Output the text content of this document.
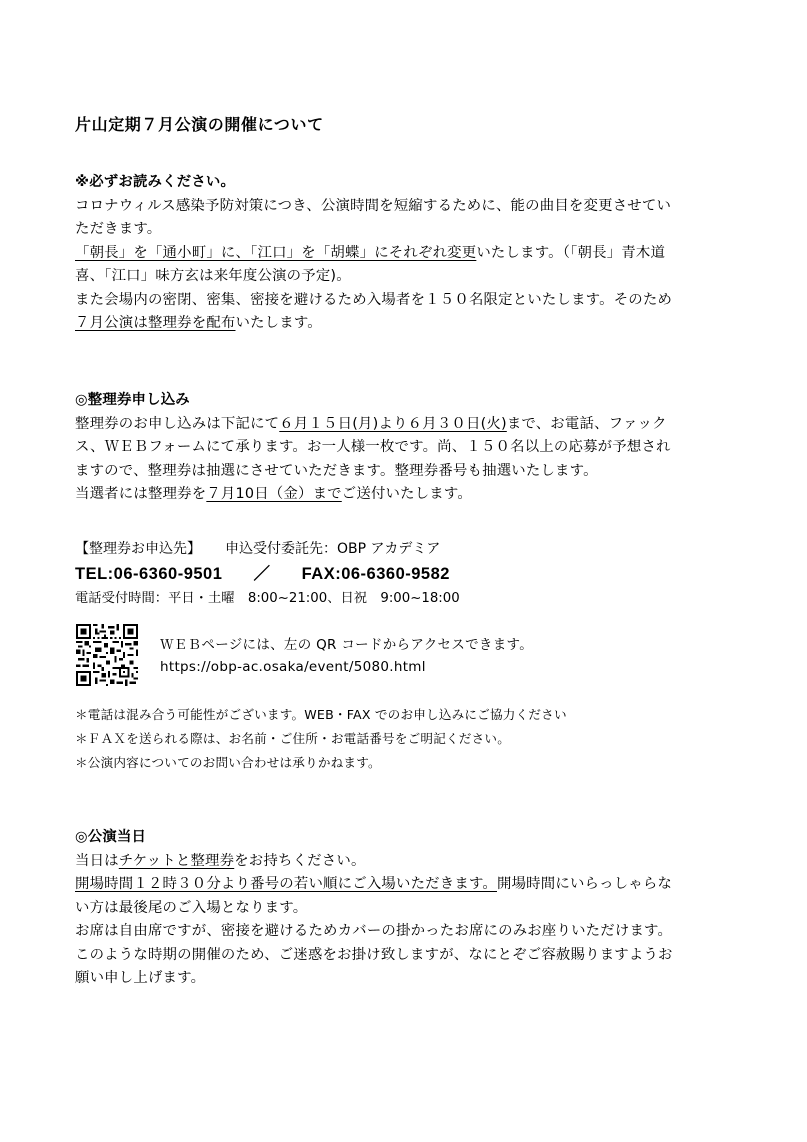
片山定期７月公演の開催について
※必ずお読みください。
コロナウィルス感染予防対策につき、公演時間を短縮するために、能の曲目を変更させてい
ただきます。
「朝長」を「通小町」に、「江口」を「胡蝶」にそれぞれ変更いたします。（「朝長」青木道
喜、「江口」味方玄は来年度公演の予定)。
また会場内の密閉、密集、密接を避けるため入場者を１５０名限定といたします。そのため
７月公演は整理券を配布いたします。
◎整理券申し込み
整理券のお申し込みは下記にて６月１５日(月)より６月３０日(火)まで、お電話、ファック
ス、ＷＥＢフォームにて承ります。お一人様一枚です。尚、１５０名以上の応募が予想され
ますので、整理券は抽選にさせていただきます。整理券番号も抽選いたします。
当選者には整理券を７月10日（金）までご送付いたします。
【整理券お申込先】 申込受付委託先：OBP アカデミア
TEL:06-6360-9501 ／ FAX:06-6360-9582
電話受付時間：平日・土曜　8:00~21:00、日祝　9:00~18:00
ＷＥＢページには、左の QR コードからアクセスできます。
https://obp-ac.osaka/event/5080.html
＊電話は混み合う可能性がございます。WEB・FAX でのお申し込みにご協力ください
＊ＦＡＸを送られる際は、お名前・ご住所・お電話番号をご明記ください。
＊公演内容についてのお問い合わせは承りかねます。
◎公演当日
当日はチケットと整理券をお持ちください。
開場時間１２時３０分より番号の若い順にご入場いただきます。開場時間にいらっしゃらな
い方は最後尾のご入場となります。
お席は自由席ですが、密接を避けるためカバーの掛かったお席にのみお座りいただけます。
このような時期の開催のため、ご迷惑をお掛け致しますが、なにとぞご容赦賜りますようお
願い申し上げます。
